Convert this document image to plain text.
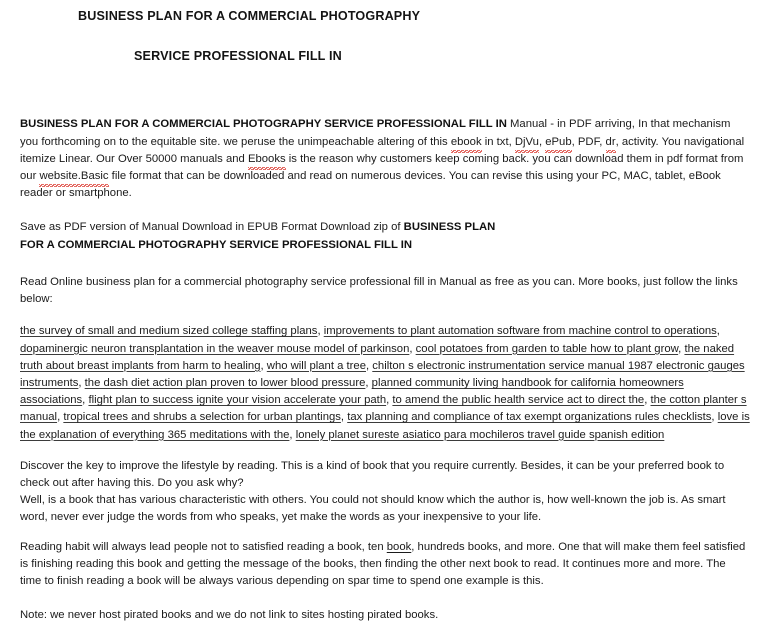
BUSINESS PLAN FOR A COMMERCIAL PHOTOGRAPHY
SERVICE PROFESSIONAL FILL IN

BUSINESS PLAN FOR A COMMERCIAL PHOTOGRAPHY SERVICE PROFESSIONAL FILL IN Manual - in PDF arriving, In that mechanism you forthcoming on to the equitable site. we peruse the unimpeachable altering of this ebook in txt, DjVu, ePub, PDF, dr, activity. You navigational itemize Linear. Our Over 50000 manuals and Ebooks is the reason why customers keep coming back. you can download them in pdf format from our website.Basic file format that can be downloaded and read on numerous devices. You can revise this using your PC, MAC, tablet, eBook reader or smartphone.

Save as PDF version of Manual Download in EPUB Format Download zip of BUSINESS PLAN
FOR A COMMERCIAL PHOTOGRAPHY SERVICE PROFESSIONAL FILL IN

Read Online business plan for a commercial photography service professional fill in Manual as free as you can. More books, just follow the links below:

the survey of small and medium sized college staffing plans, improvements to plant automation software from machine control to operations, dopaminergic neuron transplantation in the weaver mouse model of parkinson, cool potatoes from garden to table how to plant grow, the naked truth about breast implants from harm to healing, who will plant a tree, chilton s electronic instrumentation service manual 1987 electronic gauges instruments, the dash diet action plan proven to lower blood pressure, planned community living handbook for california homeowners associations, flight plan to success ignite your vision accelerate your path, to amend the public health service act to direct the, the cotton planter s manual, tropical trees and shrubs a selection for urban plantings, tax planning and compliance of tax exempt organizations rules checklists, love is the explanation of everything 365 meditations with the, lonely planet sureste asiatico para mochileros travel guide spanish edition

Discover the key to improve the lifestyle by reading. This is a kind of book that you require currently. Besides, it can be your preferred book to check out after having this. Do you ask why?
Well, is a book that has various characteristic with others. You could not should know which the author is, how well-known the job is. As smart word, never ever judge the words from who speaks, yet make the words as your inexpensive to your life.

Reading habit will always lead people not to satisfied reading a book, ten book, hundreds books, and more. One that will make them feel satisfied is finishing reading this book and getting the message of the books, then finding the other next book to read. It continues more and more. The time to finish reading a book will be always various depending on spar time to spend one example is this.

Note: we never host pirated books and we do not link to sites hosting pirated books.
